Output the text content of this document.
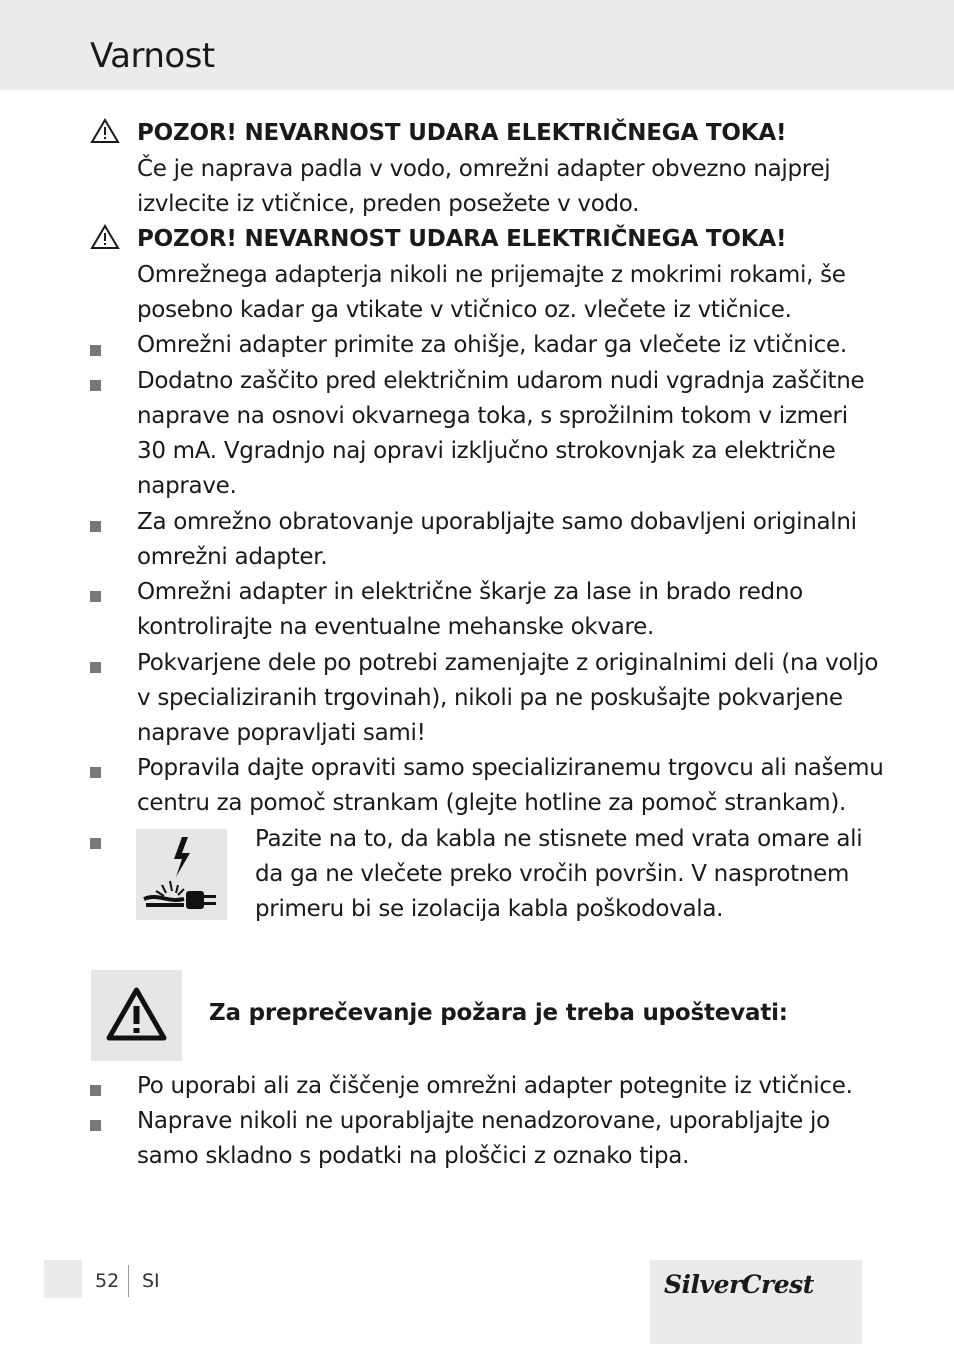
Varnost
POZOR! NEVARNOST UDARA ELEKTRIČNEGA TOKA!
Če je naprava padla v vodo, omrežni adapter obvezno najprej
izvlecite iz vtičnice, preden posežete v vodo.
POZOR! NEVARNOST UDARA ELEKTRIČNEGA TOKA!
Omrežnega adapterja nikoli ne prijemajte z mokrimi rokami, še
posebno kadar ga vtikate v vtičnico oz. vlečete iz vtičnice.
Omrežni adapter primite za ohišje, kadar ga vlečete iz vtičnice.
Dodatno zaščito pred električnim udarom nudi vgradnja zaščitne
naprave na osnovi okvarnega toka, s sprožilnim tokom v izmeri
30 mA. Vgradnjo naj opravi izključno strokovnjak za električne
naprave.
Za omrežno obratovanje uporabljajte samo dobavljeni originalni
omrežni adapter.
Omrežni adapter in električne škarje za lase in brado redno
kontrolirajte na eventualne mehanske okvare.
Pokvarjene dele po potrebi zamenjajte z originalnimi deli (na voljo
v specializiranih trgovinah), nikoli pa ne poskušajte pokvarjene
naprave popravljati sami!
Popravila dajte opraviti samo specializiranemu trgovcu ali našemu
centru za pomoč strankam (glejte hotline za pomoč strankam).
Pazite na to, da kabla ne stisnete med vrata omare ali
da ga ne vlečete preko vročih površin. V nasprotnem
primeru bi se izolacija kabla poškodovala.
Za preprečevanje požara je treba upoštevati:
Po uporabi ali za čiščenje omrežni adapter potegnite iz vtičnice.
Naprave nikoli ne uporabljajte nenadzorovane, uporabljajte jo
samo skladno s podatki na ploščici z oznako tipa.
52 SI	SilverCrest
